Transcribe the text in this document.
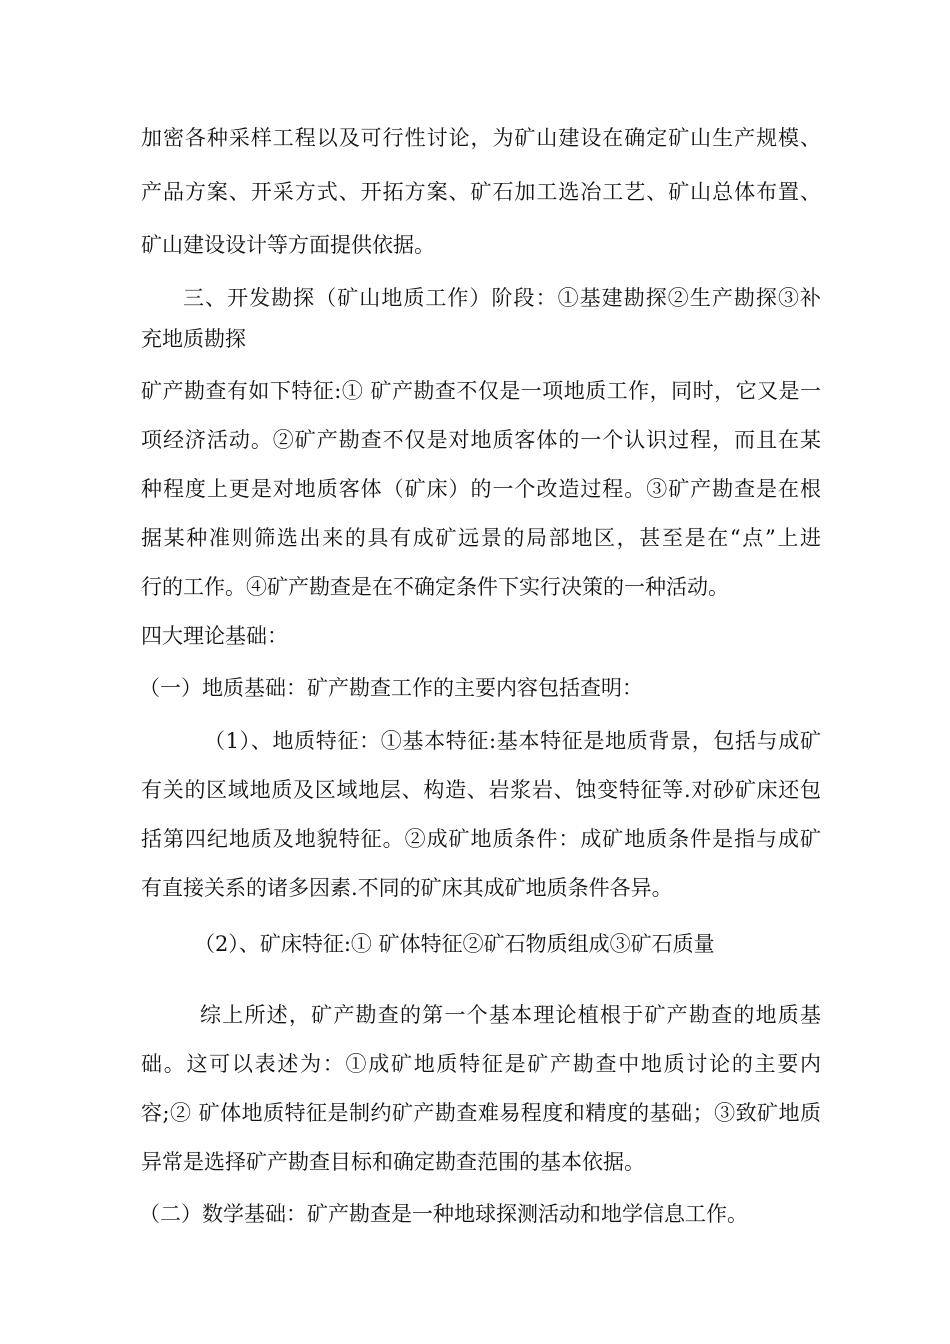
加密各种采样工程以及可行性讨论，为矿山建设在确定矿山生产规模、
产品方案、开采方式、开拓方案、矿石加工选冶工艺、矿山总体布置、
矿山建设设计等方面提供依据。
三、开发勘探（矿山地质工作）阶段：①基建勘探②生产勘探③补
充地质勘探
矿产勘查有如下特征:① 矿产勘查不仅是一项地质工作，同时，它又是一
项经济活动。②矿产勘查不仅是对地质客体的一个认识过程，而且在某
种程度上更是对地质客体（矿床）的一个改造过程。③矿产勘查是在根
据某种准则筛选出来的具有成矿远景的局部地区，甚至是在“点”上进
行的工作。④矿产勘查是在不确定条件下实行决策的一种活动。
四大理论基础：
（一）地质基础：矿产勘查工作的主要内容包括查明：
（1）、地质特征：①基本特征:基本特征是地质背景，包括与成矿
有关的区域地质及区域地层、构造、岩浆岩、蚀变特征等.对砂矿床还包
括第四纪地质及地貌特征。②成矿地质条件：成矿地质条件是指与成矿
有直接关系的诸多因素.不同的矿床其成矿地质条件各异。
（2）、矿床特征:① 矿体特征②矿石物质组成③矿石质量
综上所述，矿产勘查的第一个基本理论植根于矿产勘查的地质基
础。这可以表述为：①成矿地质特征是矿产勘查中地质讨论的主要内
容;② 矿体地质特征是制约矿产勘查难易程度和精度的基础；③致矿地质
异常是选择矿产勘查目标和确定勘查范围的基本依据。
（二）数学基础：矿产勘查是一种地球探测活动和地学信息工作。
